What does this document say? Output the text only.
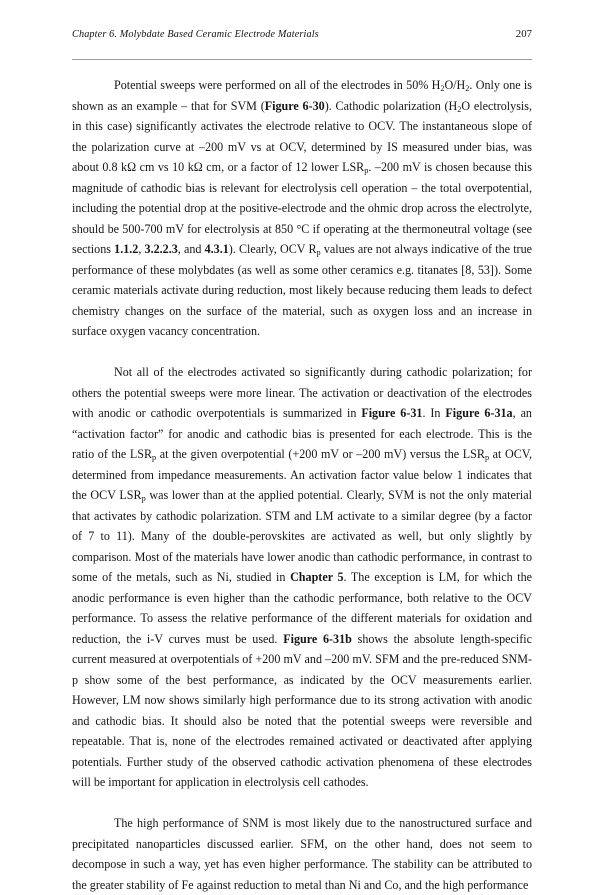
Chapter 6. Molybdate Based Ceramic Electrode Materials	207

Potential sweeps were performed on all of the electrodes in 50% $H_2O/H_2$. Only one is shown as an example – that for SVM (Figure 6-30). Cathodic polarization ($H_2O$ electrolysis, in this case) significantly activates the electrode relative to OCV. The instantaneous slope of the polarization curve at –200 mV vs at OCV, determined by IS measured under bias, was about 0.8 kΩ cm vs 10 kΩ cm, or a factor of 12 lower $LSR_p$. –200 mV is chosen because this magnitude of cathodic bias is relevant for electrolysis cell operation – the total overpotential, including the potential drop at the positive-electrode and the ohmic drop across the electrolyte, should be 500-700 mV for electrolysis at 850 °C if operating at the thermoneutral voltage (see sections 1.1.2, 3.2.2.3, and 4.3.1). Clearly, OCV $R_p$ values are not always indicative of the true performance of these molybdates (as well as some other ceramics e.g. titanates [8, 53]). Some ceramic materials activate during reduction, most likely because reducing them leads to defect chemistry changes on the surface of the material, such as oxygen loss and an increase in surface oxygen vacancy concentration.

Not all of the electrodes activated so significantly during cathodic polarization; for others the potential sweeps were more linear. The activation or deactivation of the electrodes with anodic or cathodic overpotentials is summarized in Figure 6-31. In Figure 6-31a, an “activation factor” for anodic and cathodic bias is presented for each electrode. This is the ratio of the $LSR_p$ at the given overpotential (+200 mV or –200 mV) versus the $LSR_p$ at OCV, determined from impedance measurements. An activation factor value below 1 indicates that the OCV $LSR_p$ was lower than at the applied potential. Clearly, SVM is not the only material that activates by cathodic polarization. STM and LM activate to a similar degree (by a factor of 7 to 11). Many of the double-perovskites are activated as well, but only slightly by comparison. Most of the materials have lower anodic than cathodic performance, in contrast to some of the metals, such as Ni, studied in Chapter 5. The exception is LM, for which the anodic performance is even higher than the cathodic performance, both relative to the OCV performance. To assess the relative performance of the different materials for oxidation and reduction, the i-V curves must be used. Figure 6-31b shows the absolute length-specific current measured at overpotentials of +200 mV and –200 mV. SFM and the pre-reduced SNM-p show some of the best performance, as indicated by the OCV measurements earlier. However, LM now shows similarly high performance due to its strong activation with anodic and cathodic bias. It should also be noted that the potential sweeps were reversible and repeatable. That is, none of the electrodes remained activated or deactivated after applying potentials. Further study of the observed cathodic activation phenomena of these electrodes will be important for application in electrolysis cell cathodes.

The high performance of SNM is most likely due to the nanostructured surface and precipitated nanoparticles discussed earlier. SFM, on the other hand, does not seem to decompose in such a way, yet has even higher performance. The stability can be attributed to the greater stability of Fe against reduction to metal than Ni and Co, and the high performance
